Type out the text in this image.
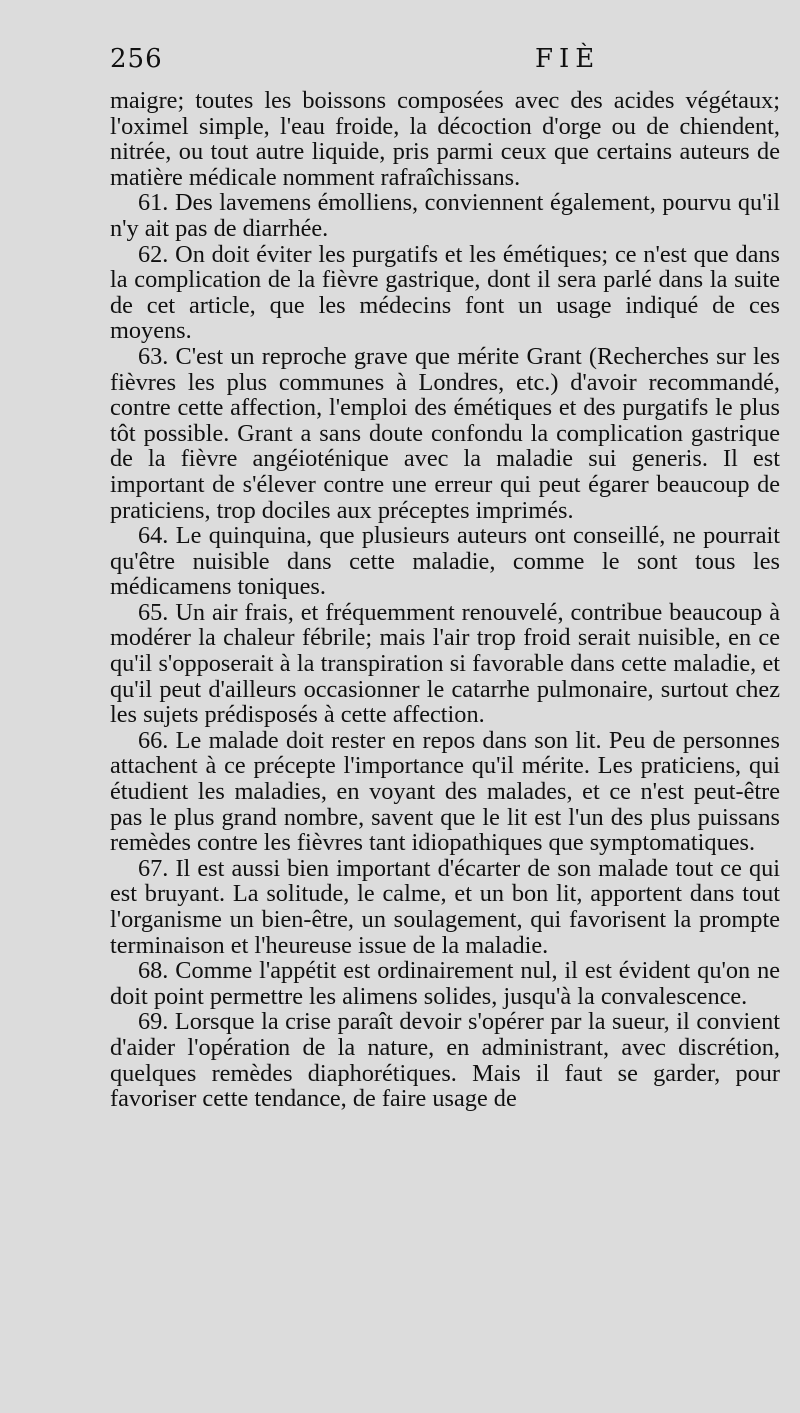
256	FIÈ

maigre; toutes les boissons composées avec des acides végétaux; l'oximel simple, l'eau froide, la décoction d'orge ou de chiendent, nitrée, ou tout autre liquide, pris parmi ceux que certains auteurs de matière médicale nomment rafraîchissans.

61. Des lavemens émolliens, conviennent également, pourvu qu'il n'y ait pas de diarrhée.

62. On doit éviter les purgatifs et les émétiques; ce n'est que dans la complication de la fièvre gastrique, dont il sera parlé dans la suite de cet article, que les médecins font un usage indiqué de ces moyens.

63. C'est un reproche grave que mérite Grant (Recherches sur les fièvres les plus communes à Londres, etc.) d'avoir recommandé, contre cette affection, l'emploi des émétiques et des purgatifs le plus tôt possible. Grant a sans doute confondu la complication gastrique de la fièvre angéioténique avec la maladie sui generis. Il est important de s'élever contre une erreur qui peut égarer beaucoup de praticiens, trop dociles aux préceptes imprimés.

64. Le quinquina, que plusieurs auteurs ont conseillé, ne pourrait qu'être nuisible dans cette maladie, comme le sont tous les médicamens toniques.

65. Un air frais, et fréquemment renouvelé, contribue beaucoup à modérer la chaleur fébrile; mais l'air trop froid serait nuisible, en ce qu'il s'opposerait à la transpiration si favorable dans cette maladie, et qu'il peut d'ailleurs occasionner le catarrhe pulmonaire, surtout chez les sujets prédisposés à cette affection.

66. Le malade doit rester en repos dans son lit. Peu de personnes attachent à ce précepte l'importance qu'il mérite. Les praticiens, qui étudient les maladies, en voyant des malades, et ce n'est peut-être pas le plus grand nombre, savent que le lit est l'un des plus puissans remèdes contre les fièvres tant idiopathiques que symptomatiques.

67. Il est aussi bien important d'écarter de son malade tout ce qui est bruyant. La solitude, le calme, et un bon lit, apportent dans tout l'organisme un bien-être, un soulagement, qui favorisent la prompte terminaison et l'heureuse issue de la maladie.

68. Comme l'appétit est ordinairement nul, il est évident qu'on ne doit point permettre les alimens solides, jusqu'à la convalescence.

69. Lorsque la crise paraît devoir s'opérer par la sueur, il convient d'aider l'opération de la nature, en administrant, avec discrétion, quelques remèdes diaphorétiques. Mais il faut se garder, pour favoriser cette tendance, de faire usage de
